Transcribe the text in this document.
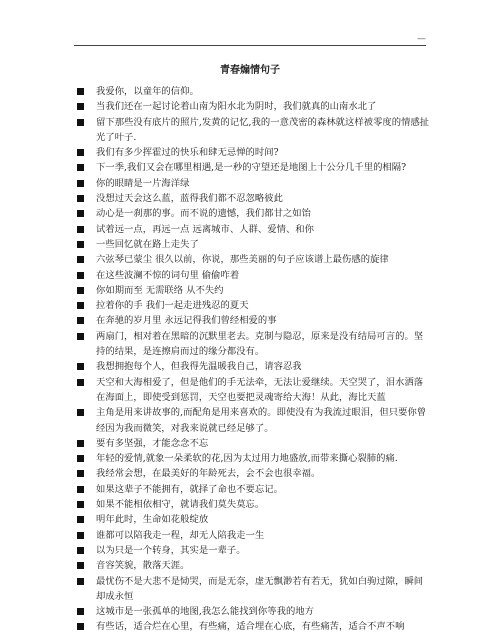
—
青春煽情句子
我爱你，以童年的信仰。
当我们还在一起讨论着山南为阳水北为阴时，我们就真的山南水北了
留下那些没有底片的照片,发黄的记忆,我的一意茂密的森林就这样被零度的情感扯光了叶子.
我们有多少挥霍过的快乐和肆无忌惮的时间?
下一季,我们又会在哪里相遇,是一秒的守望还是地图上十公分几千里的相隔?
你的眼睛是一片海洋绿
没想过天会这么蓝，蓝得我们都不忍忽略彼此
动心是一刹那的事。而不说的遗憾，我们都甘之如饴
试着远一点，再远一点 远离城市、人群、爱情、和你
一些回忆就在路上走失了
六弦琴已蒙尘 很久以前，你说，那些美丽的句子应该谱上最伤感的旋律
在这些波澜不惊的词句里 偷偷咋着
你如期而至 无需联络 从不失约
拉着你的手 我们一起走进残忍的夏天
在奔驰的岁月里 永远记得我们曾经相爱的事
两扇门，相对着在黑暗的沉默里老去。克制与隐忍，原来是没有结局可言的。坚持的结果，是连擦肩而过的缘分都没有。
我想拥抱每个人，但我得先温暖我自己，请容忍我
天空和大海相爱了，但是他们的手无法牵，无法让爱继续。天空哭了，泪水洒落在海面上，即使受到惩罚，天空也要把灵魂寄给大海！从此，海比天蓝
主角是用来讲故事的,而配角是用来喜欢的。即使没有为我流过眼泪，但只要你曾经因为我而微笑，对我来说就已经足够了。
要有多坚强，才能念念不忘
年轻的爱情,就象一朵柔软的花,因为太过用力地盛放,而带来撕心裂肺的痛.
我经常会想，在最美好的年龄死去，会不会也很幸福。
如果这辈子不能拥有，就择了命也不要忘记。
如果不能相依相守，就请我们莫失莫忘。
明年此时，生命如花般绽放
谁都可以陪我走一程，却无人陪我走一生
以为只是一个转身，其实是一辈子。
音容笑貌，散落天涯。
最忧伤不是大悲不是恸哭，而是无奈，虚无飘渺若有若无，犹如白驹过隙，瞬间却成永恒
这城市是一张孤单的地图,我怎么能找到你等我的地方
有些话，适合烂在心里，有些痛，适合埋在心底，有些痛苦，适合不声不响
